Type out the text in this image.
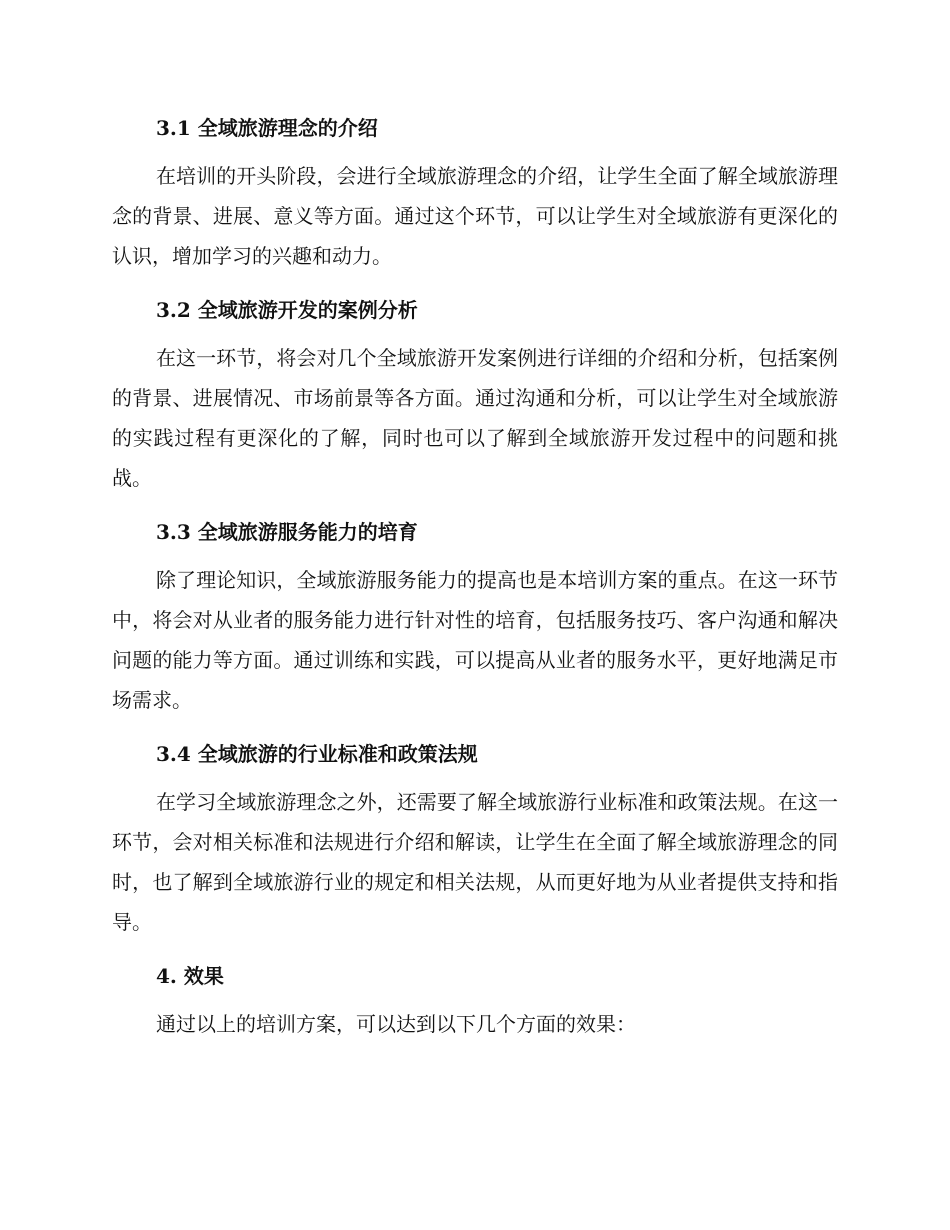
3.1 全域旅游理念的介绍

在培训的开头阶段，会进行全域旅游理念的介绍，让学生全面了解全域旅游理念的背景、进展、意义等方面。通过这个环节，可以让学生对全域旅游有更深化的认识，增加学习的兴趣和动力。

3.2 全域旅游开发的案例分析

在这一环节，将会对几个全域旅游开发案例进行详细的介绍和分析，包括案例的背景、进展情况、市场前景等各方面。通过沟通和分析，可以让学生对全域旅游的实践过程有更深化的了解，同时也可以了解到全域旅游开发过程中的问题和挑战。

3.3 全域旅游服务能力的培育

除了理论知识，全域旅游服务能力的提高也是本培训方案的重点。在这一环节中，将会对从业者的服务能力进行针对性的培育，包括服务技巧、客户沟通和解决问题的能力等方面。通过训练和实践，可以提高从业者的服务水平，更好地满足市场需求。

3.4 全域旅游的行业标准和政策法规

在学习全域旅游理念之外，还需要了解全域旅游行业标准和政策法规。在这一环节，会对相关标准和法规进行介绍和解读，让学生在全面了解全域旅游理念的同时，也了解到全域旅游行业的规定和相关法规，从而更好地为从业者提供支持和指导。

4. 效果

通过以上的培训方案，可以达到以下几个方面的效果：
